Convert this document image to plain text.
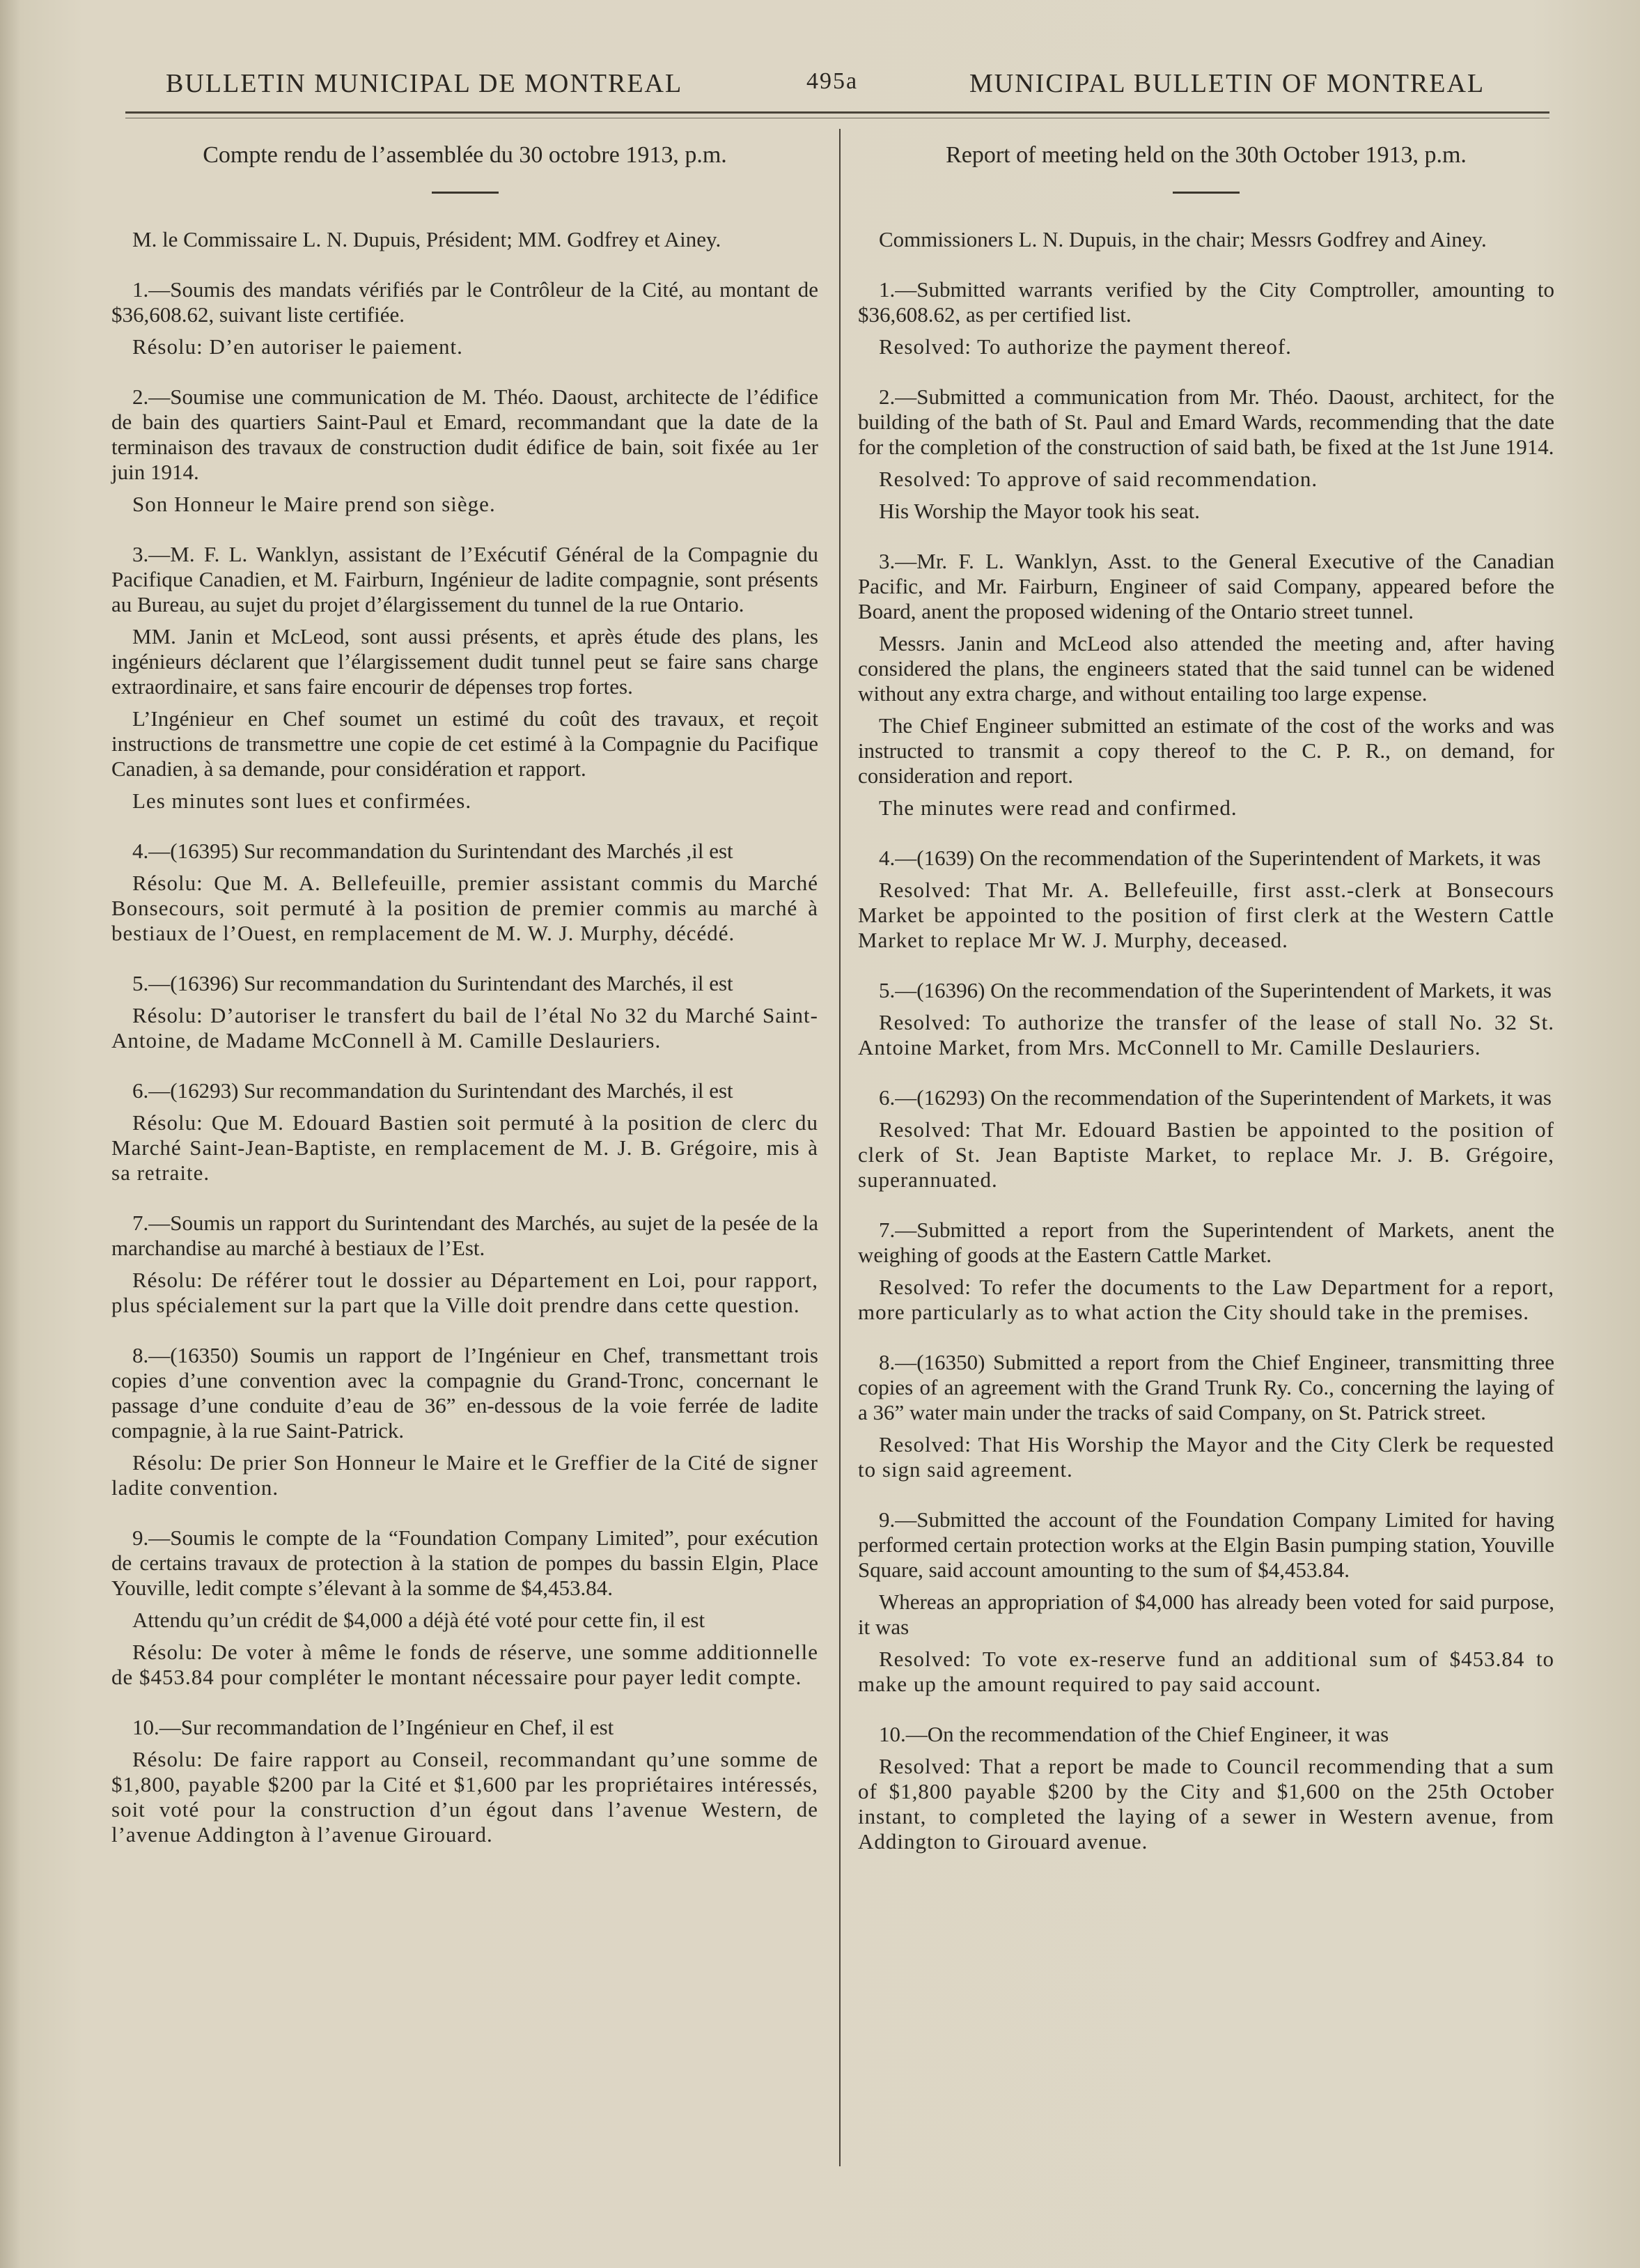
BULLETIN MUNICIPAL DE MONTREAL	495a	MUNICIPAL BULLETIN OF MONTREAL
Compte rendu de l’assemblée du 30 octobre 1913, p.m.

M. le Commissaire L. N. Dupuis, Président; MM. Godfrey et Ainey.

1.—Soumis des mandats vérifiés par le Contrôleur de la Cité, au montant de $36,608.62, suivant liste certifiée.

Résolu: D’en autoriser le paiement.

2.—Soumise une communication de M. Théo. Daoust, architecte de l’édifice de bain des quartiers Saint-Paul et Emard, recommandant que la date de la terminaison des travaux de construction dudit édifice de bain, soit fixée au 1er juin 1914.

Son Honneur le Maire prend son siège.

3.—M. F. L. Wanklyn, assistant de l’Exécutif Général de la Compagnie du Pacifique Canadien, et M. Fairburn, Ingénieur de ladite compagnie, sont présents au Bureau, au sujet du projet d’élargissement du tunnel de la rue Ontario.

MM. Janin et McLeod, sont aussi présents, et après étude des plans, les ingénieurs déclarent que l’élargissement dudit tunnel peut se faire sans charge extraordinaire, et sans faire encourir de dépenses trop fortes.

L’Ingénieur en Chef soumet un estimé du coût des travaux, et reçoit instructions de transmettre une copie de cet estimé à la Compagnie du Pacifique Canadien, à sa demande, pour considération et rapport.

Les minutes sont lues et confirmées.

4.—(16395) Sur recommandation du Surintendant des Marchés ,il est

Résolu: Que M. A. Bellefeuille, premier assistant commis du Marché Bonsecours, soit permuté à la position de premier commis au marché à bestiaux de l’Ouest, en remplacement de M. W. J. Murphy, décédé.

5.—(16396) Sur recommandation du Surintendant des Marchés, il est

Résolu: D’autoriser le transfert du bail de l’étal No 32 du Marché Saint-Antoine, de Madame McConnell à M. Camille Deslauriers.

6.—(16293) Sur recommandation du Surintendant des Marchés, il est

Résolu: Que M. Edouard Bastien soit permuté à la position de clerc du Marché Saint-Jean-Baptiste, en remplacement de M. J. B. Grégoire, mis à sa retraite.

7.—Soumis un rapport du Surintendant des Marchés, au sujet de la pesée de la marchandise au marché à bestiaux de l’Est.

Résolu: De référer tout le dossier au Département en Loi, pour rapport, plus spécialement sur la part que la Ville doit prendre dans cette question.

8.—(16350) Soumis un rapport de l’Ingénieur en Chef, transmettant trois copies d’une convention avec la compagnie du Grand-Tronc, concernant le passage d’une conduite d’eau de 36” en-dessous de la voie ferrée de ladite compagnie, à la rue Saint-Patrick.

Résolu: De prier Son Honneur le Maire et le Greffier de la Cité de signer ladite convention.

9.—Soumis le compte de la “Foundation Company Limited”, pour exécution de certains travaux de protection à la station de pompes du bassin Elgin, Place Youville, ledit compte s’élevant à la somme de $4,453.84.

Attendu qu’un crédit de $4,000 a déjà été voté pour cette fin, il est

Résolu: De voter à même le fonds de réserve, une somme additionnelle de $453.84 pour compléter le montant nécessaire pour payer ledit compte.

10.—Sur recommandation de l’Ingénieur en Chef, il est

Résolu: De faire rapport au Conseil, recommandant qu’une somme de $1,800, payable $200 par la Cité et $1,600 par les propriétaires intéressés, soit voté pour la construction d’un égout dans l’avenue Western, de l’avenue Addington à l’avenue Girouard.

Report of meeting held on the 30th October 1913, p.m.

Commissioners L. N. Dupuis, in the chair; Messrs Godfrey and Ainey.

1.—Submitted warrants verified by the City Comptroller, amounting to $36,608.62, as per certified list.

Resolved: To authorize the payment thereof.

2.—Submitted a communication from Mr. Théo. Daoust, architect, for the building of the bath of St. Paul and Emard Wards, recommending that the date for the completion of the construction of said bath, be fixed at the 1st June 1914.

Resolved: To approve of said recommendation.

His Worship the Mayor took his seat.

3.—Mr. F. L. Wanklyn, Asst. to the General Executive of the Canadian Pacific, and Mr. Fairburn, Engineer of said Company, appeared before the Board, anent the proposed widening of the Ontario street tunnel.

Messrs. Janin and McLeod also attended the meeting and, after having considered the plans, the engineers stated that the said tunnel can be widened without any extra charge, and without entailing too large expense.

The Chief Engineer submitted an estimate of the cost of the works and was instructed to transmit a copy thereof to the C. P. R., on demand, for consideration and report.

The minutes were read and confirmed.

4.—(1639) On the recommendation of the Superintendent of Markets, it was

Resolved: That Mr. A. Bellefeuille, first asst.-clerk at Bonsecours Market be appointed to the position of first clerk at the Western Cattle Market to replace Mr W. J. Murphy, deceased.

5.—(16396) On the recommendation of the Superintendent of Markets, it was

Resolved: To authorize the transfer of the lease of stall No. 32 St. Antoine Market, from Mrs. McConnell to Mr. Camille Deslauriers.

6.—(16293) On the recommendation of the Superintendent of Markets, it was

Resolved: That Mr. Edouard Bastien be appointed to the position of clerk of St. Jean Baptiste Market, to replace Mr. J. B. Grégoire, superannuated.

7.—Submitted a report from the Superintendent of Markets, anent the weighing of goods at the Eastern Cattle Market.

Resolved: To refer the documents to the Law Department for a report, more particularly as to what action the City should take in the premises.

8.—(16350) Submitted a report from the Chief Engineer, transmitting three copies of an agreement with the Grand Trunk Ry. Co., concerning the laying of a 36” water main under the tracks of said Company, on St. Patrick street.

Resolved: That His Worship the Mayor and the City Clerk be requested to sign said agreement.

9.—Submitted the account of the Foundation Company Limited for having performed certain protection works at the Elgin Basin pumping station, Youville Square, said account amounting to the sum of $4,453.84.

Whereas an appropriation of $4,000 has already been voted for said purpose, it was

Resolved: To vote ex-reserve fund an additional sum of $453.84 to make up the amount required to pay said account.

10.—On the recommendation of the Chief Engineer, it was

Resolved: That a report be made to Council recommending that a sum of $1,800 payable $200 by the City and $1,600 on the 25th October instant, to completed the laying of a sewer in Western avenue, from Addington to Girouard avenue.
